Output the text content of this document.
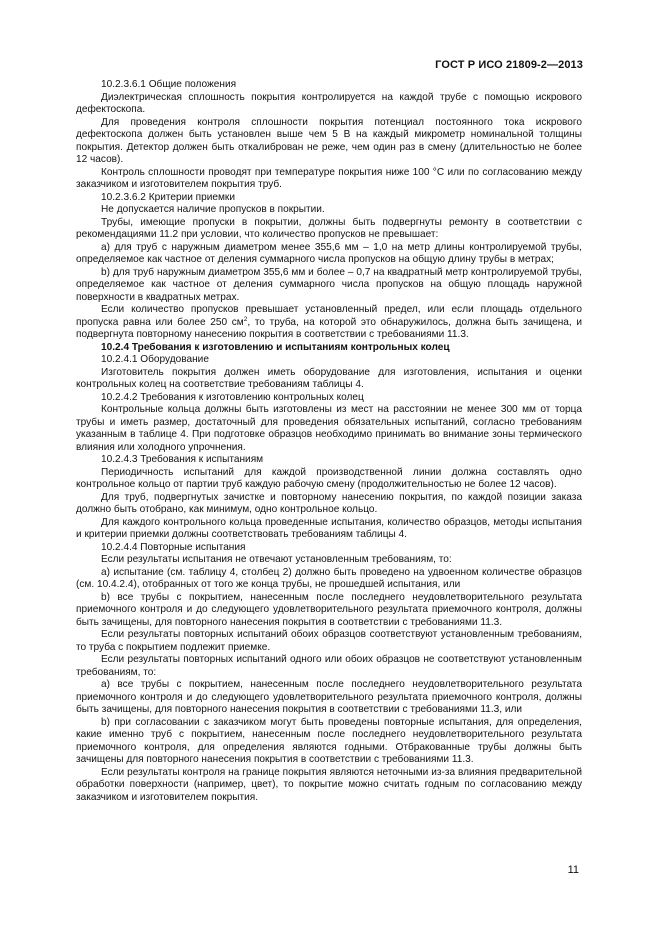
ГОСТ Р ИСО 21809-2—2013

10.2.3.6.1 Общие положения

Диэлектрическая сплошность покрытия контролируется на каждой трубе с помощью искрового дефектоскопа.

Для проведения контроля сплошности покрытия потенциал постоянного тока искрового дефектоскопа должен быть установлен выше чем 5 В на каждый микрометр номинальной толщины покрытия. Детектор должен быть откалиброван не реже, чем один раз в смену (длительностью не более 12 часов).

Контроль сплошности проводят при температуре покрытия ниже 100 °С или по согласованию между заказчиком и изготовителем покрытия труб.

10.2.3.6.2 Критерии приемки

Не допускается наличие пропусков в покрытии.

Трубы, имеющие пропуски в покрытии, должны быть подвергнуты ремонту в соответствии с рекомендациями 11.2 при условии, что количество пропусков не превышает:

а) для труб с наружным диаметром менее 355,6 мм – 1,0 на метр длины контролируемой трубы, определяемое как частное от деления суммарного числа пропусков на общую длину трубы в метрах;

b) для труб наружным диаметром 355,6 мм и более – 0,7 на квадратный метр контролируемой трубы, определяемое как частное от деления суммарного числа пропусков на общую площадь наружной поверхности в квадратных метрах.

Если количество пропусков превышает установленный предел, или если площадь отдельного пропуска равна или более 250 $см^2$, то труба, на которой это обнаружилось, должна быть зачищена, и подвергнута повторному нанесению покрытия в соответствии с требованиями 11.3.

10.2.4 Требования к изготовлению и испытаниям контрольных колец

10.2.4.1 Оборудование

Изготовитель покрытия должен иметь оборудование для изготовления, испытания и оценки контрольных колец на соответствие требованиям таблицы 4.

10.2.4.2 Требования к изготовлению контрольных колец

Контрольные кольца должны быть изготовлены из мест на расстоянии не менее 300 мм от торца трубы и иметь размер, достаточный для проведения обязательных испытаний, согласно требованиям указанным в таблице 4. При подготовке образцов необходимо принимать во внимание зоны термического влияния или холодного упрочнения.

10.2.4.3 Требования к испытаниям

Периодичность испытаний для каждой производственной линии должна составлять одно контрольное кольцо от партии труб каждую рабочую смену (продолжительностью не более 12 часов).

Для труб, подвергнутых зачистке и повторному нанесению покрытия, по каждой позиции заказа должно быть отобрано, как минимум, одно контрольное кольцо.

Для каждого контрольного кольца проведенные испытания, количество образцов, методы испытания и критерии приемки должны соответствовать требованиям таблицы 4.

10.2.4.4 Повторные испытания

Если результаты испытания не отвечают установленным требованиям, то:

а) испытание (см. таблицу 4, столбец 2) должно быть проведено на удвоенном количестве образцов (см. 10.4.2.4), отобранных от того же конца трубы, не прошедшей испытания, или

b) все трубы с покрытием, нанесенным после последнего неудовлетворительного результата приемочного контроля и до следующего удовлетворительного результата приемочного контроля, должны быть зачищены, для повторного нанесения покрытия в соответствии с требованиями 11.3.

Если результаты повторных испытаний обоих образцов соответствуют установленным требованиям, то труба с покрытием подлежит приемке.

Если результаты повторных испытаний одного или обоих образцов не соответствуют установленным требованиям, то:

а) все трубы с покрытием, нанесенным после последнего неудовлетворительного результата приемочного контроля и до следующего удовлетворительного результата приемочного контроля, должны быть зачищены, для повторного нанесения покрытия в соответствии с требованиями 11.3, или

b) при согласовании с заказчиком могут быть проведены повторные испытания, для определения, какие именно труб с покрытием, нанесенным после последнего неудовлетворительного результата приемочного контроля, для определения являются годными. Отбракованные трубы должны быть зачищены для повторного нанесения покрытия в соответствии с требованиями 11.3.

Если результаты контроля на границе покрытия являются неточными из-за влияния предварительной обработки поверхности (например, цвет), то покрытие можно считать годным по согласованию между заказчиком и изготовителем покрытия.

11
